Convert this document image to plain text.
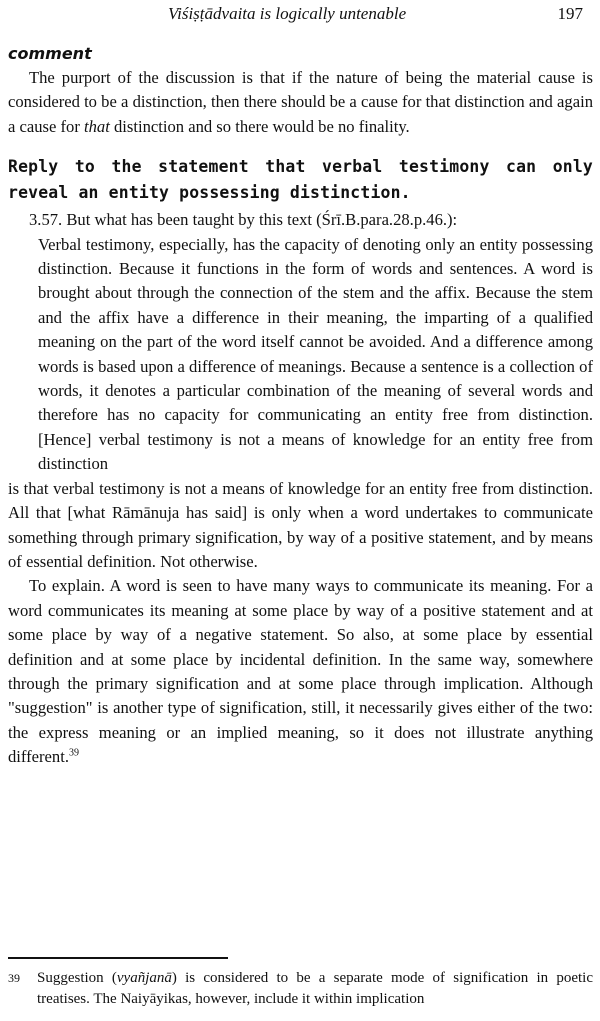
Viśiṣṭādvaita is logically untenable	197
comment

The purport of the discussion is that if the nature of being the material cause is considered to be a distinction, then there should be a cause for that distinction and again a cause for that distinction and so there would be no finality.

Reply to the statement that verbal testimony can only reveal an entity possessing distinction.

3.57. But what has been taught by this text (Śrī.B.para.28.p.46.):

Verbal testimony, especially, has the capacity of denoting only an entity possessing distinction. Because it functions in the form of words and sentences. A word is brought about through the connection of the stem and the affix. Because the stem and the affix have a difference in their meaning, the imparting of a qualified meaning on the part of the word itself cannot be avoided. And a difference among words is based upon a difference of meanings. Because a sentence is a collection of words, it denotes a particular combination of the meaning of several words and therefore has no capacity for communicating an entity free from distinction. [Hence] verbal testimony is not a means of knowledge for an entity free from distinction

is that verbal testimony is not a means of knowledge for an entity free from distinction. All that [what Rāmānuja has said] is only when a word undertakes to communicate something through primary signification, by way of a positive statement, and by means of essential definition. Not otherwise.

To explain. A word is seen to have many ways to communicate its meaning. For a word communicates its meaning at some place by way of a positive statement and at some place by way of a negative statement. So also, at some place by essential definition and at some place by incidental definition. In the same way, somewhere through the primary signification and at some place through implication. Although "suggestion" is another type of signification, still, it necessarily gives either of the two: the express meaning or an implied meaning, so it does not illustrate anything different.$^{39}$

39 Suggestion (vyañjanā) is considered to be a separate mode of signification in poetic treatises. The Naiyāyikas, however, include it within implication
